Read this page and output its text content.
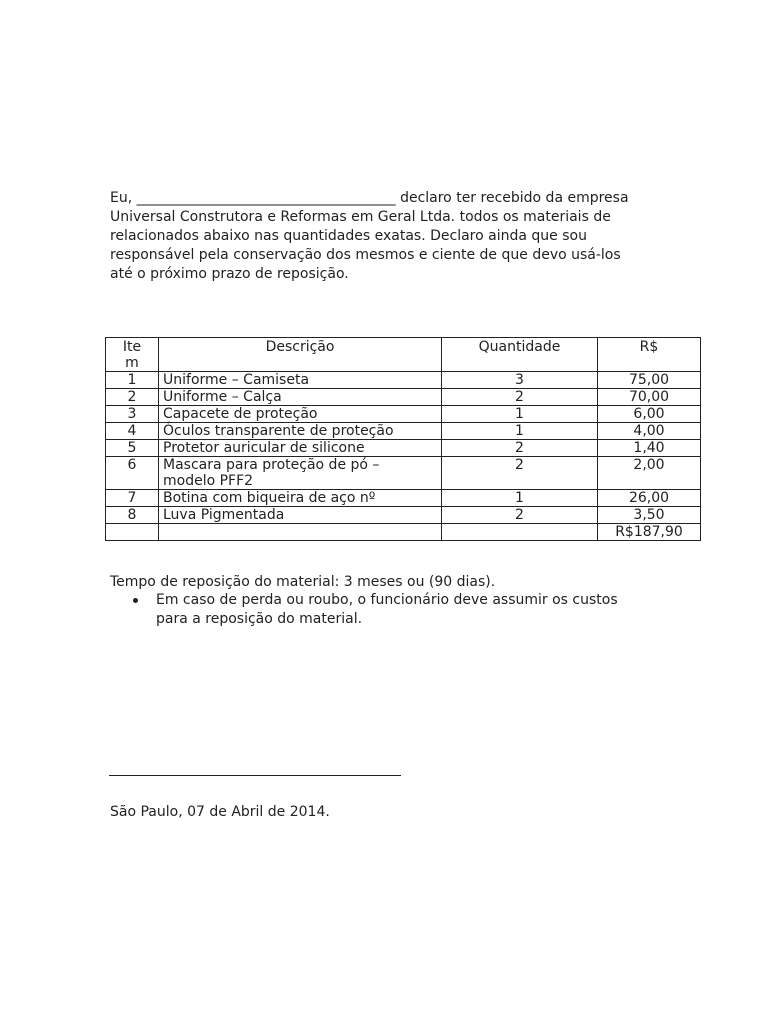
Eu, _____________________________________ declaro ter recebido da empresa
Universal Construtora e Reformas em Geral Ltda. todos os materiais de
relacionados abaixo nas quantidades exatas. Declaro ainda que sou
responsável pela conservação dos mesmos e ciente de que devo usá-los
até o próximo prazo de reposição.

Ite
m	Descrição	Quantidade	R$
1	Uniforme – Camiseta	3	75,00
2	Uniforme – Calça	2	70,00
3	Capacete de proteção	1	6,00
4	Óculos transparente de proteção	1	4,00
5	Protetor auricular de silicone	2	1,40
6	Mascara para proteção de pó –
modelo PFF2	2	2,00
7	Botina com biqueira de aço nº	1	26,00
8	Luva Pigmentada	2	3,50
			R$187,90

Tempo de reposição do material: 3 meses ou (90 dias).

Em caso de perda ou roubo, o funcionário deve assumir os custos
para a reposição do material.

São Paulo, 07 de Abril de 2014.
